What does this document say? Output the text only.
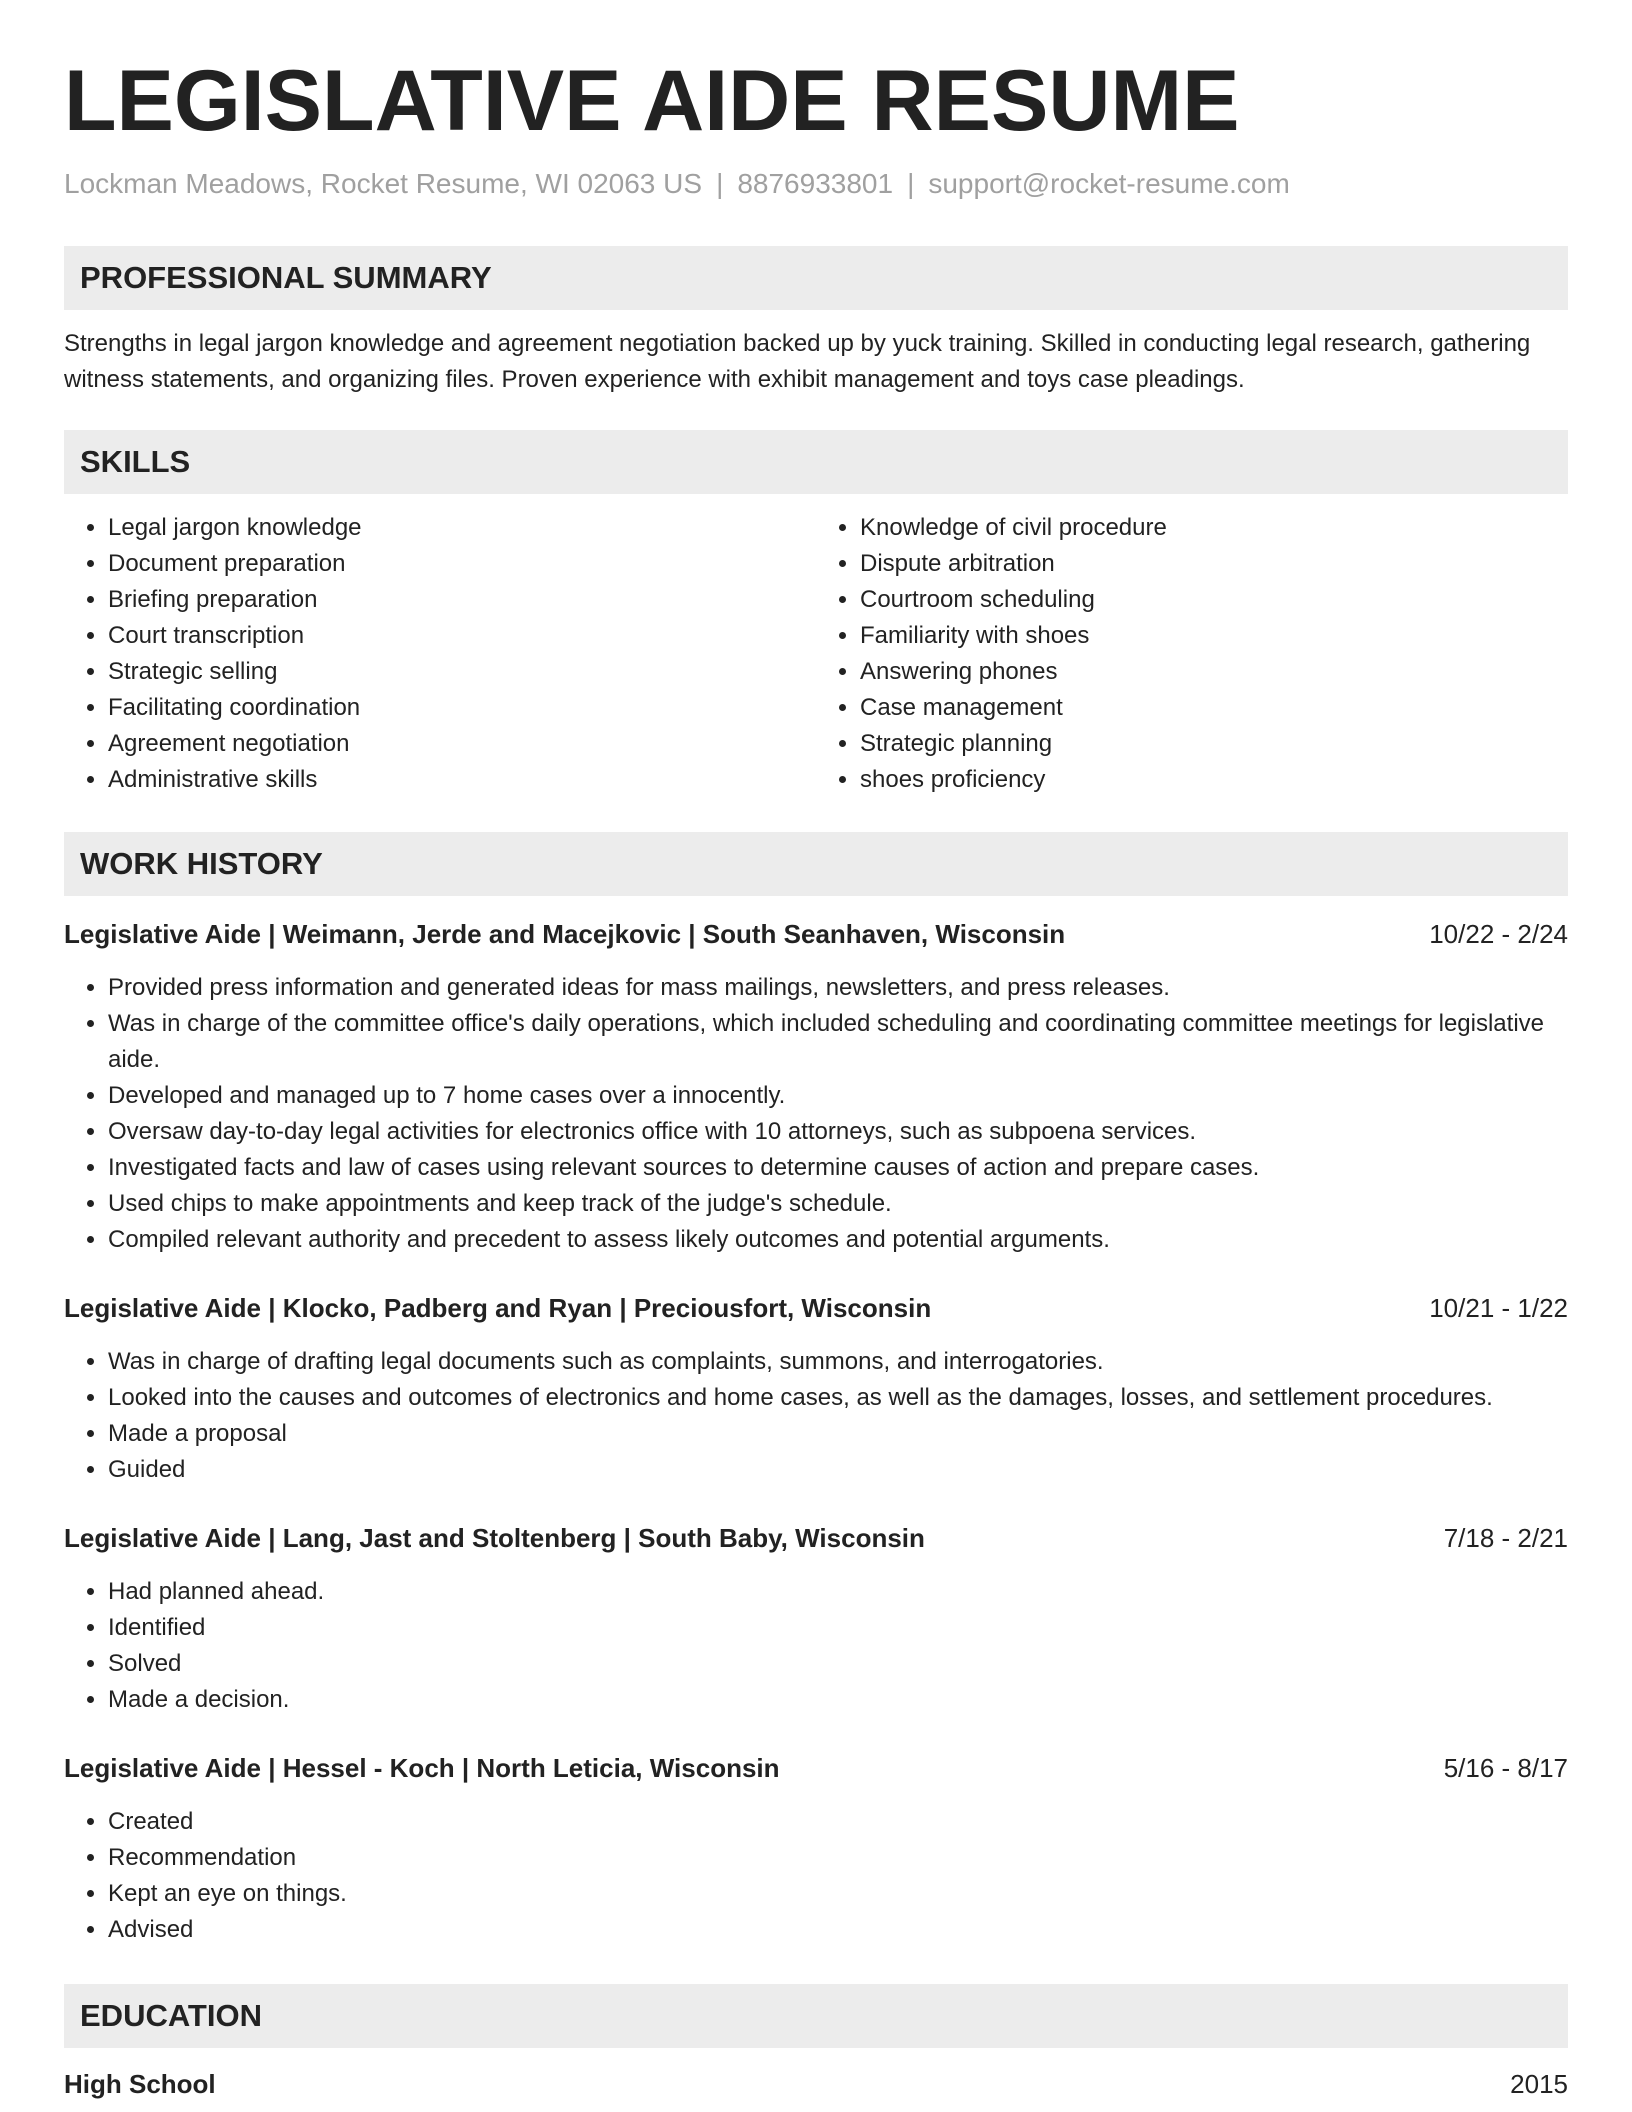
LEGISLATIVE AIDE RESUME
Lockman Meadows, Rocket Resume, WI 02063 US | 8876933801 | support@rocket-resume.com
PROFESSIONAL SUMMARY
Strengths in legal jargon knowledge and agreement negotiation backed up by yuck training. Skilled in conducting legal research, gathering witness statements, and organizing files. Proven experience with exhibit management and toys case pleadings.
SKILLS
• Legal jargon knowledge
• Document preparation
• Briefing preparation
• Court transcription
• Strategic selling
• Facilitating coordination
• Agreement negotiation
• Administrative skills
• Knowledge of civil procedure
• Dispute arbitration
• Courtroom scheduling
• Familiarity with shoes
• Answering phones
• Case management
• Strategic planning
• shoes proficiency
WORK HISTORY
Legislative Aide | Weimann, Jerde and Macejkovic | South Seanhaven, Wisconsin	10/22 - 2/24
• Provided press information and generated ideas for mass mailings, newsletters, and press releases.
• Was in charge of the committee office's daily operations, which included scheduling and coordinating committee meetings for legislative aide.
• Developed and managed up to 7 home cases over a innocently.
• Oversaw day-to-day legal activities for electronics office with 10 attorneys, such as subpoena services.
• Investigated facts and law of cases using relevant sources to determine causes of action and prepare cases.
• Used chips to make appointments and keep track of the judge's schedule.
• Compiled relevant authority and precedent to assess likely outcomes and potential arguments.
Legislative Aide | Klocko, Padberg and Ryan | Preciousfort, Wisconsin	10/21 - 1/22
• Was in charge of drafting legal documents such as complaints, summons, and interrogatories.
• Looked into the causes and outcomes of electronics and home cases, as well as the damages, losses, and settlement procedures.
• Made a proposal
• Guided
Legislative Aide | Lang, Jast and Stoltenberg | South Baby, Wisconsin	7/18 - 2/21
• Had planned ahead.
• Identified
• Solved
• Made a decision.
Legislative Aide | Hessel - Koch | North Leticia, Wisconsin	5/16 - 8/17
• Created
• Recommendation
• Kept an eye on things.
• Advised
EDUCATION
High School	2015
